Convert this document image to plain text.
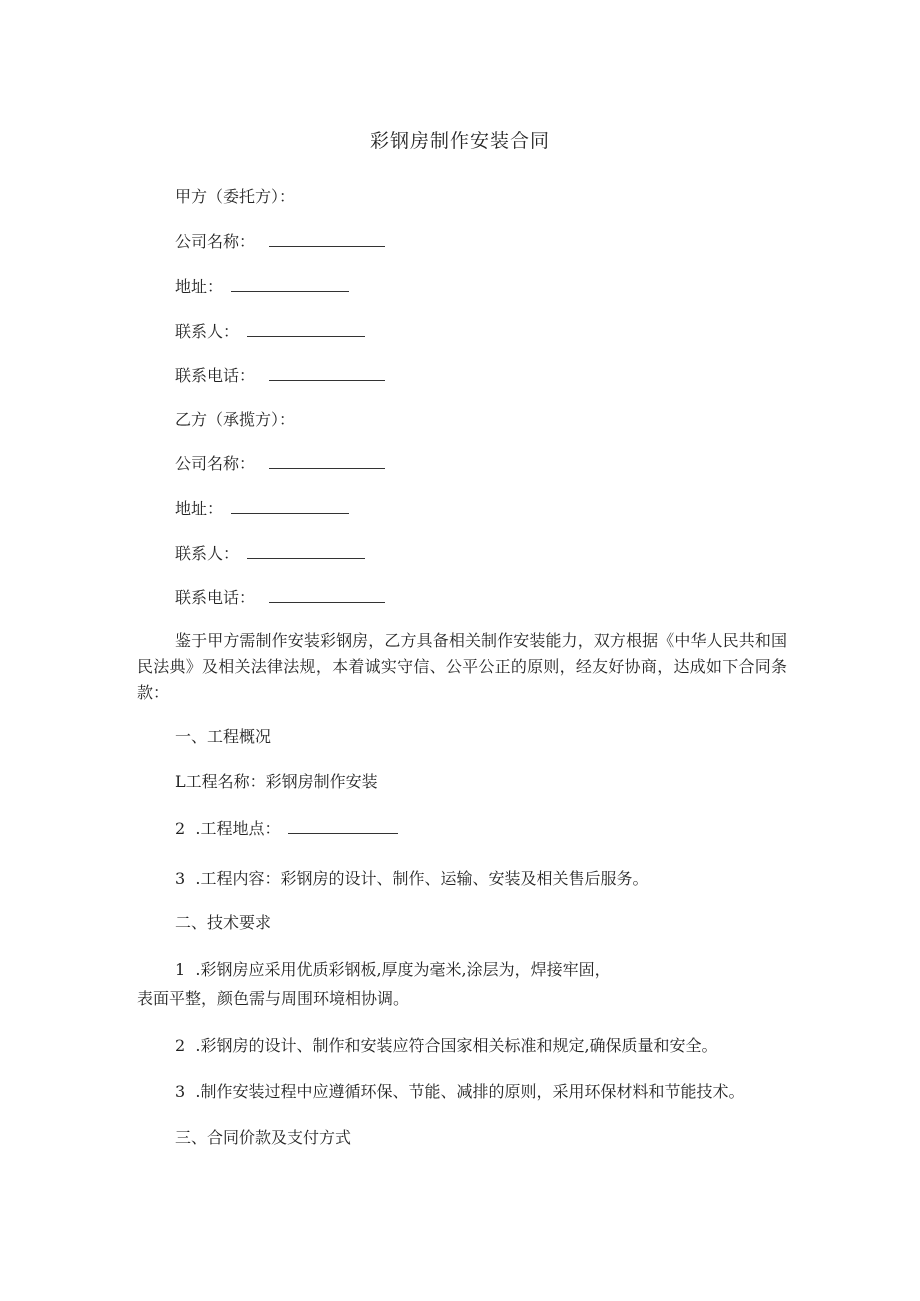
彩钢房制作安装合同
甲方（委托方）：
公司名称：
地址：
联系人：
联系电话：
乙方（承揽方）：
公司名称：
地址：
联系人：
联系电话：
鉴于甲方需制作安装彩钢房，乙方具备相关制作安装能力，双方根据《中华人民共和国民法典》及相关法律法规，本着诚实守信、公平公正的原则，经友好协商，达成如下合同条款：
一、工程概况
L工程名称：彩钢房制作安装
2  .工程地点：
3  .工程内容：彩钢房的设计、制作、运输、安装及相关售后服务。
二、技术要求
1  .彩钢房应采用优质彩钢板,厚度为毫米,涂层为，焊接牢固，
表面平整，颜色需与周围环境相协调。
2  .彩钢房的设计、制作和安装应符合国家相关标准和规定,确保质量和安全。
3  .制作安装过程中应遵循环保、节能、减排的原则，采用环保材料和节能技术。
三、合同价款及支付方式
